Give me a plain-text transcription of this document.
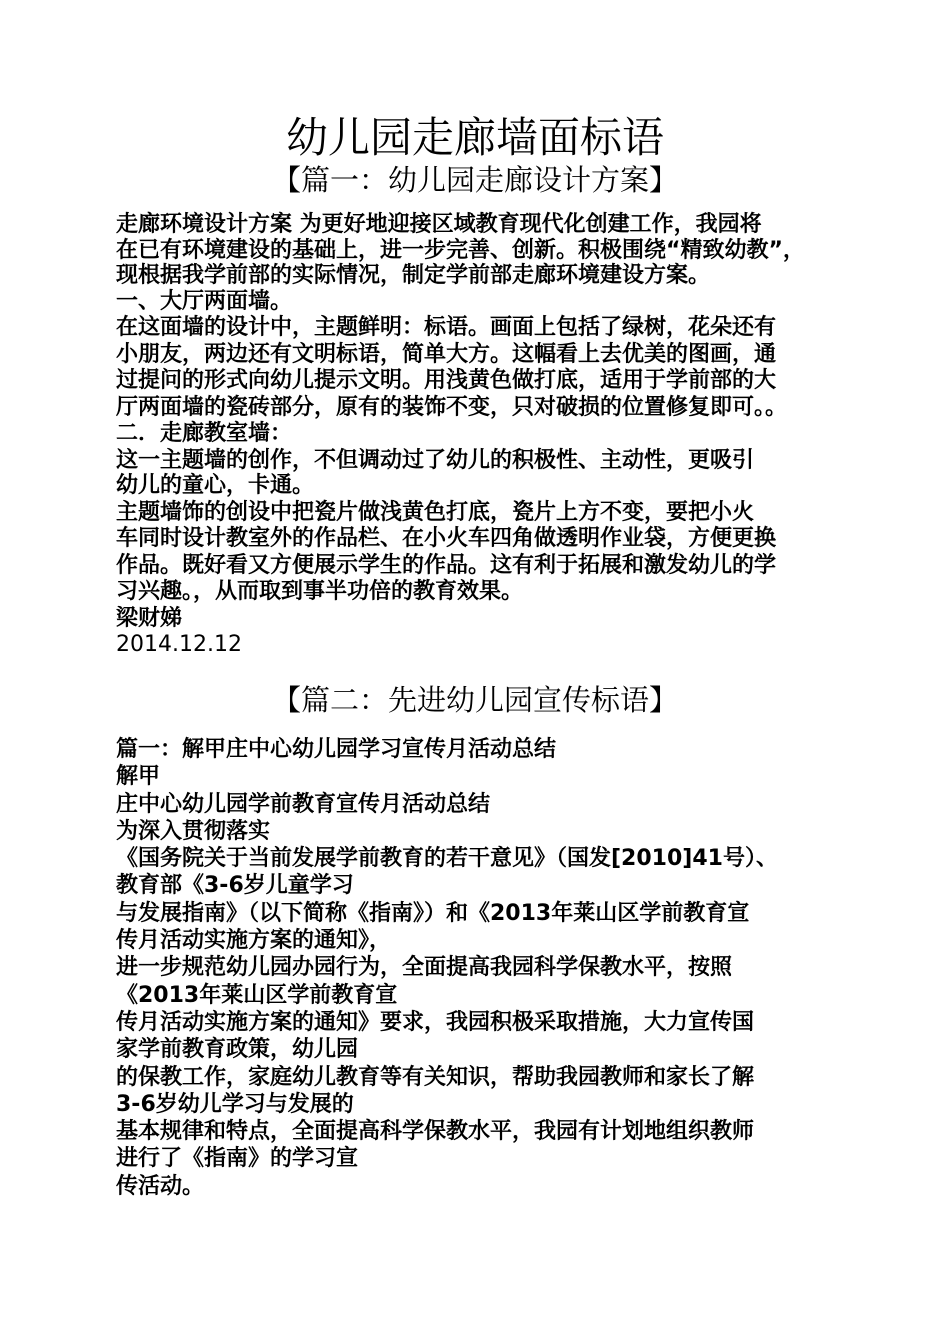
幼儿园走廊墙面标语
【篇一：幼儿园走廊设计方案】
走廊环境设计方案 为更好地迎接区域教育现代化创建工作，我园将
在已有环境建设的基础上，进一步完善、创新。积极围绕“精致幼教”，
现根据我学前部的实际情况，制定学前部走廊环境建设方案。
一、大厅两面墙。
在这面墙的设计中，主题鲜明：标语。画面上包括了绿树，花朵还有
小朋友，两边还有文明标语，简单大方。这幅看上去优美的图画，通
过提问的形式向幼儿提示文明。用浅黄色做打底，适用于学前部的大
厅两面墙的瓷砖部分，原有的装饰不变，只对破损的位置修复即可。。
二．走廊教室墙：
这一主题墙的创作，不但调动过了幼儿的积极性、主动性，更吸引
幼儿的童心，卡通。
主题墙饰的创设中把瓷片做浅黄色打底，瓷片上方不变，要把小火
车同时设计教室外的作品栏、在小火车四角做透明作业袋，方便更换
作品。既好看又方便展示学生的作品。这有利于拓展和激发幼儿的学
习兴趣。，从而取到事半功倍的教育效果。
梁财娣
2014.12.12
【篇二：先进幼儿园宣传标语】
篇一：解甲庄中心幼儿园学习宣传月活动总结
解甲
庄中心幼儿园学前教育宣传月活动总结
为深入贯彻落实
《国务院关于当前发展学前教育的若干意见》（国发[2010]41号）、
教育部《3-6岁儿童学习
与发展指南》（以下简称《指南》）和《2013年莱山区学前教育宣
传月活动实施方案的通知》，
进一步规范幼儿园办园行为，全面提高我园科学保教水平，按照
《2013年莱山区学前教育宣
传月活动实施方案的通知》要求，我园积极采取措施，大力宣传国
家学前教育政策，幼儿园
的保教工作，家庭幼儿教育等有关知识，帮助我园教师和家长了解
3-6岁幼儿学习与发展的
基本规律和特点，全面提高科学保教水平，我园有计划地组织教师
进行了《指南》的学习宣
传活动。
